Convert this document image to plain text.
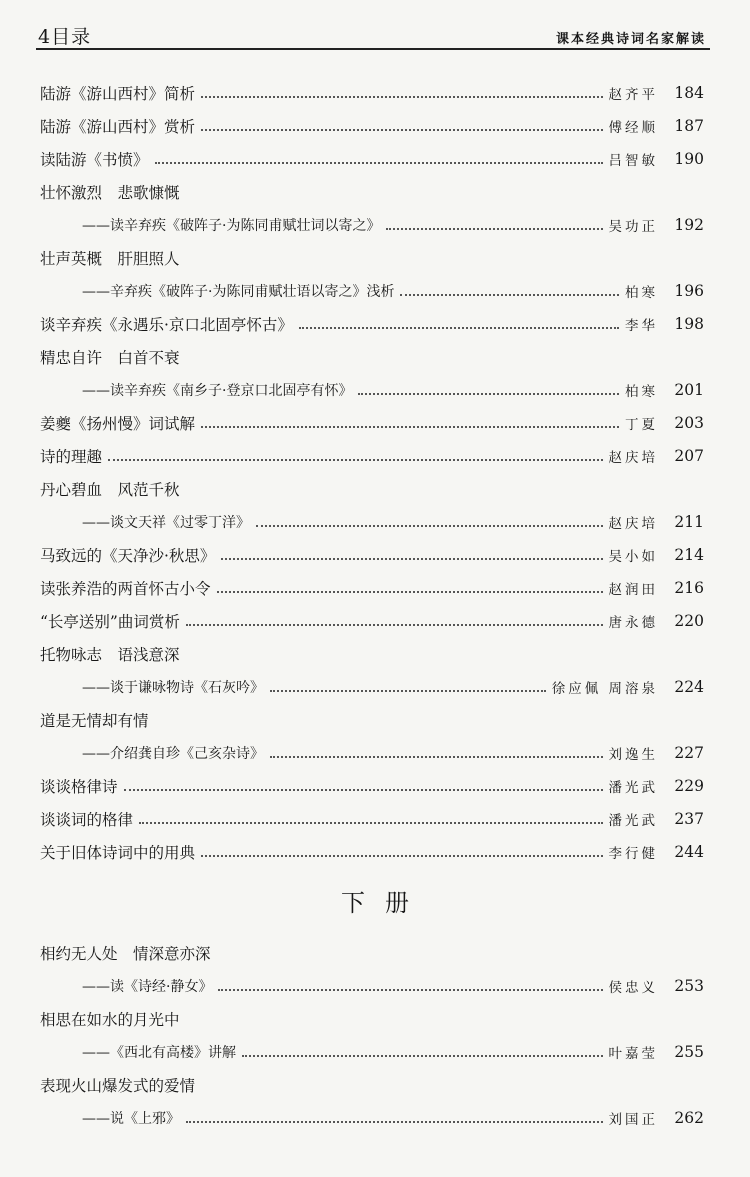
4目录	课本经典诗词名家解读
陆游《游山西村》简析	赵齐平 184
陆游《游山西村》赏析	傅经顺 187
读陆游《书愤》	吕智敏 190
壮怀激烈　悲歌慷慨
——读辛弃疾《破阵子·为陈同甫赋壮词以寄之》	吴功正 192
壮声英概　肝胆照人
——辛弃疾《破阵子·为陈同甫赋壮语以寄之》浅析	柏寒 196
谈辛弃疾《永遇乐·京口北固亭怀古》	李华 198
精忠自许　白首不衰
——读辛弃疾《南乡子·登京口北固亭有怀》	柏寒 201
姜夔《扬州慢》词试解	丁夏 203
诗的理趣	赵庆培 207
丹心碧血　风范千秋
——谈文天祥《过零丁洋》	赵庆培 211
马致远的《天净沙·秋思》	吴小如 214
读张养浩的两首怀古小令	赵润田 216
“长亭送别”曲词赏析	唐永德 220
托物咏志　语浅意深
——谈于谦咏物诗《石灰吟》	徐应佩 周溶泉 224
道是无情却有情
——介绍龚自珍《己亥杂诗》	刘逸生 227
谈谈格律诗	潘光武 229
谈谈词的格律	潘光武 237
关于旧体诗词中的用典	李行健 244
下册
相约无人处　情深意亦深
——读《诗经·静女》	侯忠义 253
相思在如水的月光中
——《西北有高楼》讲解	叶嘉莹 255
表现火山爆发式的爱情
——说《上邪》	刘国正 262
